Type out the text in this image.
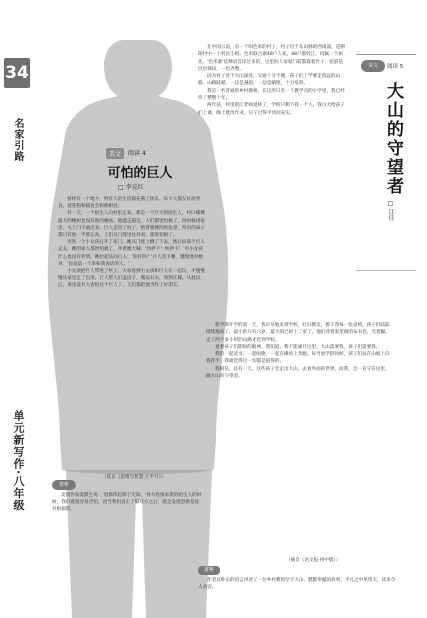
34
名家引路
单元新写作·八年级
美文	阅读 4
可怕的巨人
□ 李竞红

曾经有一个地方，所有人的生活都充满了快乐。每个人都友好而善良，就连狗和猫也会和睦相处。

有一天，一个陌生人向村里走来。那是一个巨大的陌生人，村口哪棵最大的槐树也没有他的腰高。他越走越近，人们都害怕极了，纷纷躲进家里，关上门不敢出来。巨人走进了村子，抱着胳膊四处张望，所有的孩子都只有他一半那么高。人们从门缝里往外看，那害怕极了。

突然一个小女孩打开了家门，她从门缝上跳了下去，然后向那个巨人走去。她的家人都害怕极了，冲着她大喊：'快停下！快停下！'可小女孩什么也没有听到，她抬起头问巨人：'你好吗？'巨人弯下腰，慢慢地对她说：'你是第一个来和我说话的人。'

小女孩把巨人带进了村子。大家看到小女孩和巨人在一起玩，才慢慢地从家里走了出来。巨人帮人们盖房子，搬运石头，收割庄稼。从此以后，再也没有人害怕这个巨人了，人们都把他当作了好朋友。

（选自《思维与智慧·上半月》）
赏析
美国作家爱默生说：'恐惧常起源于无知。'身为恐惧来袭的陌生人的时候，我们就很容易害怕，而当我们真正了解对方之后，就会发现恐惧是没有根据的。

在中国云南，有一个叫色米的村子，村子位于东山脉的西南面，是朝阳村中一个村民小组。色米联合寨48户人家，48户都姓江，同属一个祖先。'色米寨'是彝语音译过来的，这里的人家家门前都栽着竹子，屋前是层层梯田，一色齐整。

因为村子处于大山深处，交通十分不便，孩子们上学要走很远的山路。山路陡峭，一边是悬崖，一边是峭壁，十分危险。

我是一名普通的乡村教师，在这所只有一个教学点的小学里，我已经待了整整十年。

两年前，村里的江老师退休了，学校只剩下我一个人。我白天给孩子们上课，晚上批改作业，日子过得平淡而充实。

新学期开学的第一天，我早早地来到学校，打扫教室，擦干净每一张桌椅。孩子们陆陆续续地来了，最小的只有六岁，最大的已经十二岁了。他们背着家里做的布书包，光着脚，走了两个多小时的山路才赶到学校。

看着孩子们期盼的眼神，我知道，我不能离开这里。大山需要我，孩子们需要我。

我们一起读书，一起唱歌，一起在操场上奔跑。每当放学的时候，孩子们站在山坡上向我挥手，我就觉得这一切都是值得的。

我相信，总有一天，这些孩子会走出大山，去看外面的世界。而我，会一直守在这里，做大山的守望者。

（摘自《语文报·初中版》）
赏析
作者以朴实的语言讲述了一位乡村教师坚守大山、默默奉献的故事，平凡之中见伟大，读来令人动容。
美文	阅读 5
大山的守望者
□ 江佳
